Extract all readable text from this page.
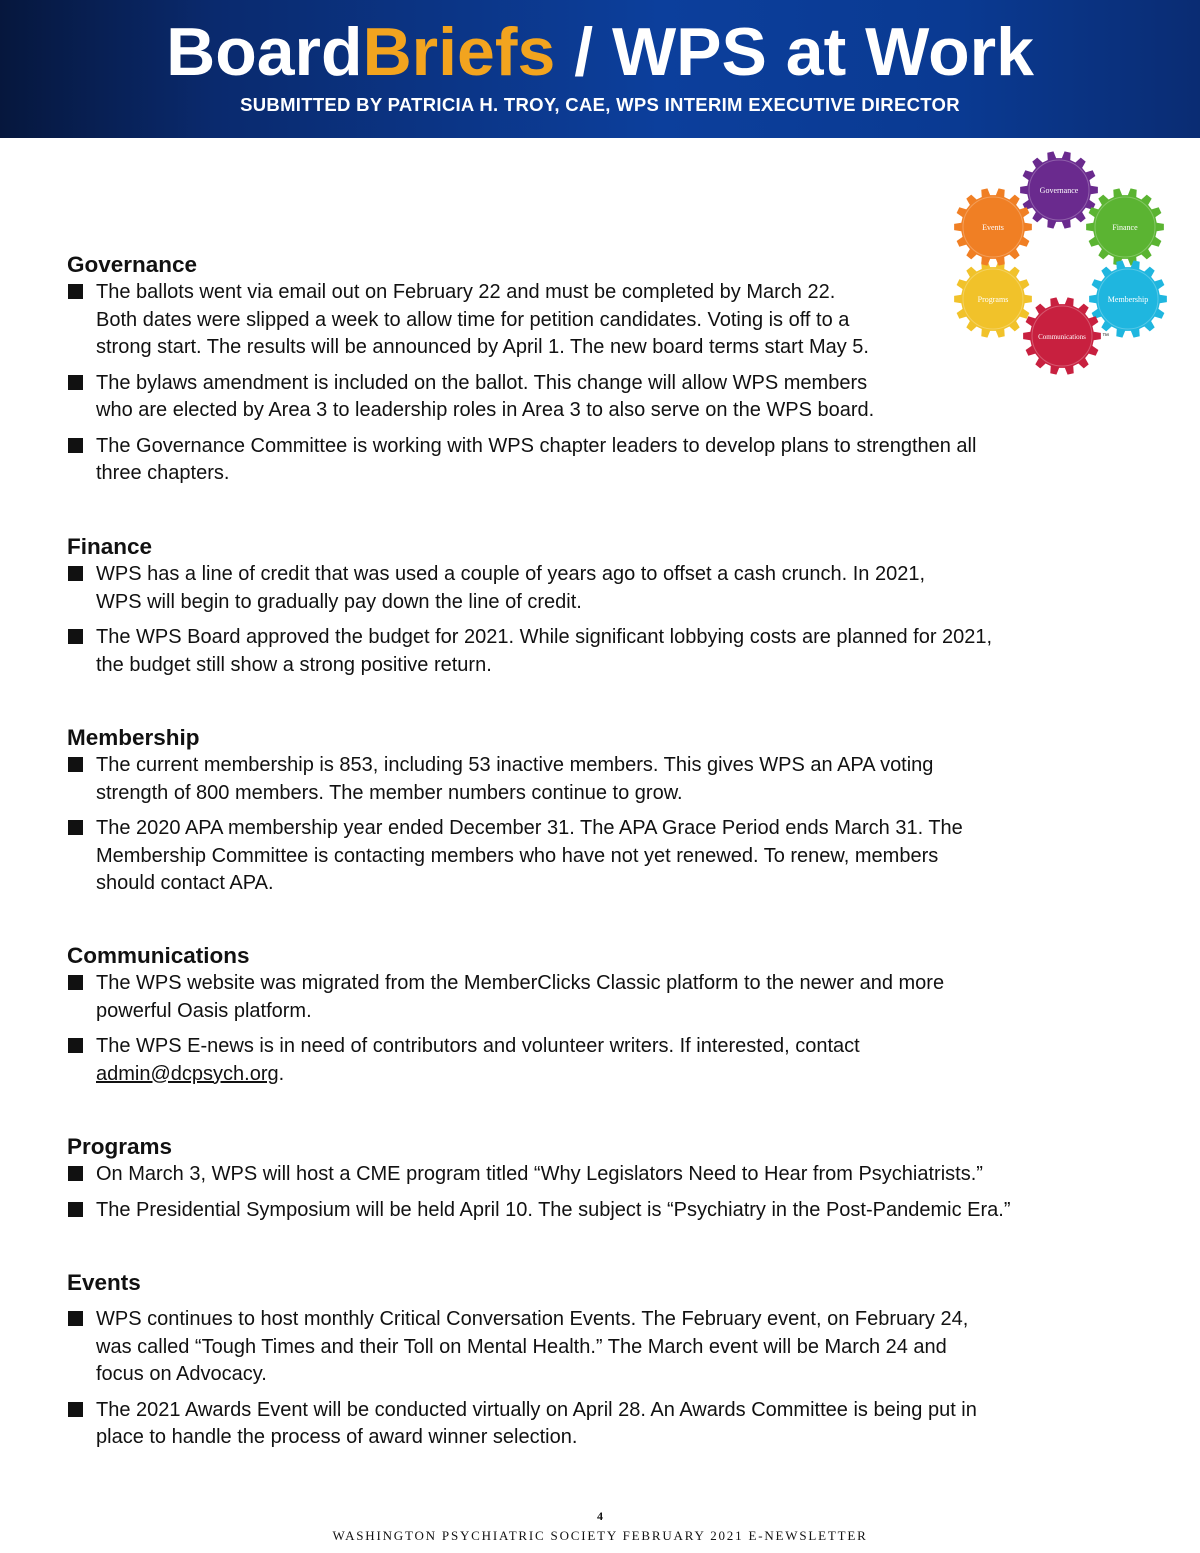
BoardBriefs / WPS at Work
SUBMITTED BY PATRICIA H. TROY, CAE, WPS INTERIM EXECUTIVE DIRECTOR
Governance
Finance
Membership
Communications
Programs
Events
™
Governance
The ballots went via email out on February 22 and must be completed by March 22.
Both dates were slipped a week to allow time for petition candidates. Voting is off to a
strong start. The results will be announced by April 1. The new board terms start May 5.
The bylaws amendment is included on the ballot. This change will allow WPS members
who are elected by Area 3 to leadership roles in Area 3 to also serve on the WPS board.
The Governance Committee is working with WPS chapter leaders to develop plans to strengthen all
three chapters.
Finance
WPS has a line of credit that was used a couple of years ago to offset a cash crunch. In 2021,
WPS will begin to gradually pay down the line of credit.
The WPS Board approved the budget for 2021. While significant lobbying costs are planned for 2021,
the budget still show a strong positive return.
Membership
The current membership is 853, including 53 inactive members. This gives WPS an APA voting
strength of 800 members. The member numbers continue to grow.
The 2020 APA membership year ended December 31. The APA Grace Period ends March 31. The
Membership Committee is contacting members who have not yet renewed. To renew, members
should contact APA.
Communications
The WPS website was migrated from the MemberClicks Classic platform to the newer and more
powerful Oasis platform.
The WPS E-news is in need of contributors and volunteer writers. If interested, contact
admin@dcpsych.org.
Programs
On March 3, WPS will host a CME program titled “Why Legislators Need to Hear from Psychiatrists.”
The Presidential Symposium will be held April 10. The subject is “Psychiatry in the Post-Pandemic Era.”
Events
WPS continues to host monthly Critical Conversation Events. The February event, on February 24,
was called “Tough Times and their Toll on Mental Health.” The March event will be March 24 and
focus on Advocacy.
The 2021 Awards Event will be conducted virtually on April 28. An Awards Committee is being put in
place to handle the process of award winner selection.
4
WASHINGTON PSYCHIATRIC SOCIETY FEBRUARY 2021 E-NEWSLETTER
